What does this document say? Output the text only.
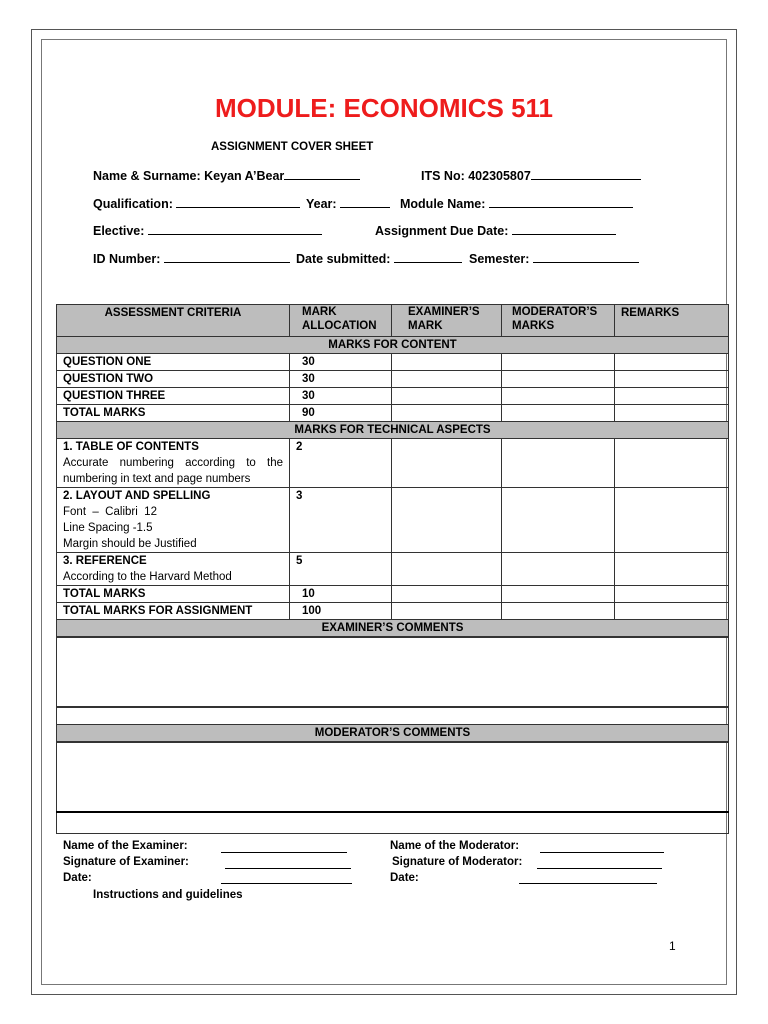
MODULE: ECONOMICS 511
ASSIGNMENT COVER SHEET
Name & Surname: Keyan A’Bear	ITS No: 402305807
Qualification:	Year:	Module Name:
Elective:	Assignment Due Date:
ID Number:	Date submitted:	Semester:
ASSESSMENT CRITERIA	MARK ALLOCATION	EXAMINER’S MARK	MODERATOR’S MARKS	REMARKS
MARKS FOR CONTENT				
QUESTION ONE	30			
QUESTION TWO	30			
QUESTION THREE	30			
TOTAL MARKS	90			
MARKS FOR TECHNICAL ASPECTS				

1. TABLE OF CONTENTS
Accurate numbering according to the numbering in text and page numbers	2			

2. LAYOUT AND SPELLING
Font  –  Calibri  12
Line Spacing -1.5
Margin should be Justified	3			

3. REFERENCE
According to the Harvard Method	5			
TOTAL MARKS	10			
TOTAL MARKS FOR ASSIGNMENT	100			
EXAMINER’S COMMENTS				

MODERATOR’S COMMENTS				

Name of the Examiner:
Signature of Examiner:
Date:
Name of the Moderator:
Signature of Moderator:
Date:
Instructions and guidelines
1
